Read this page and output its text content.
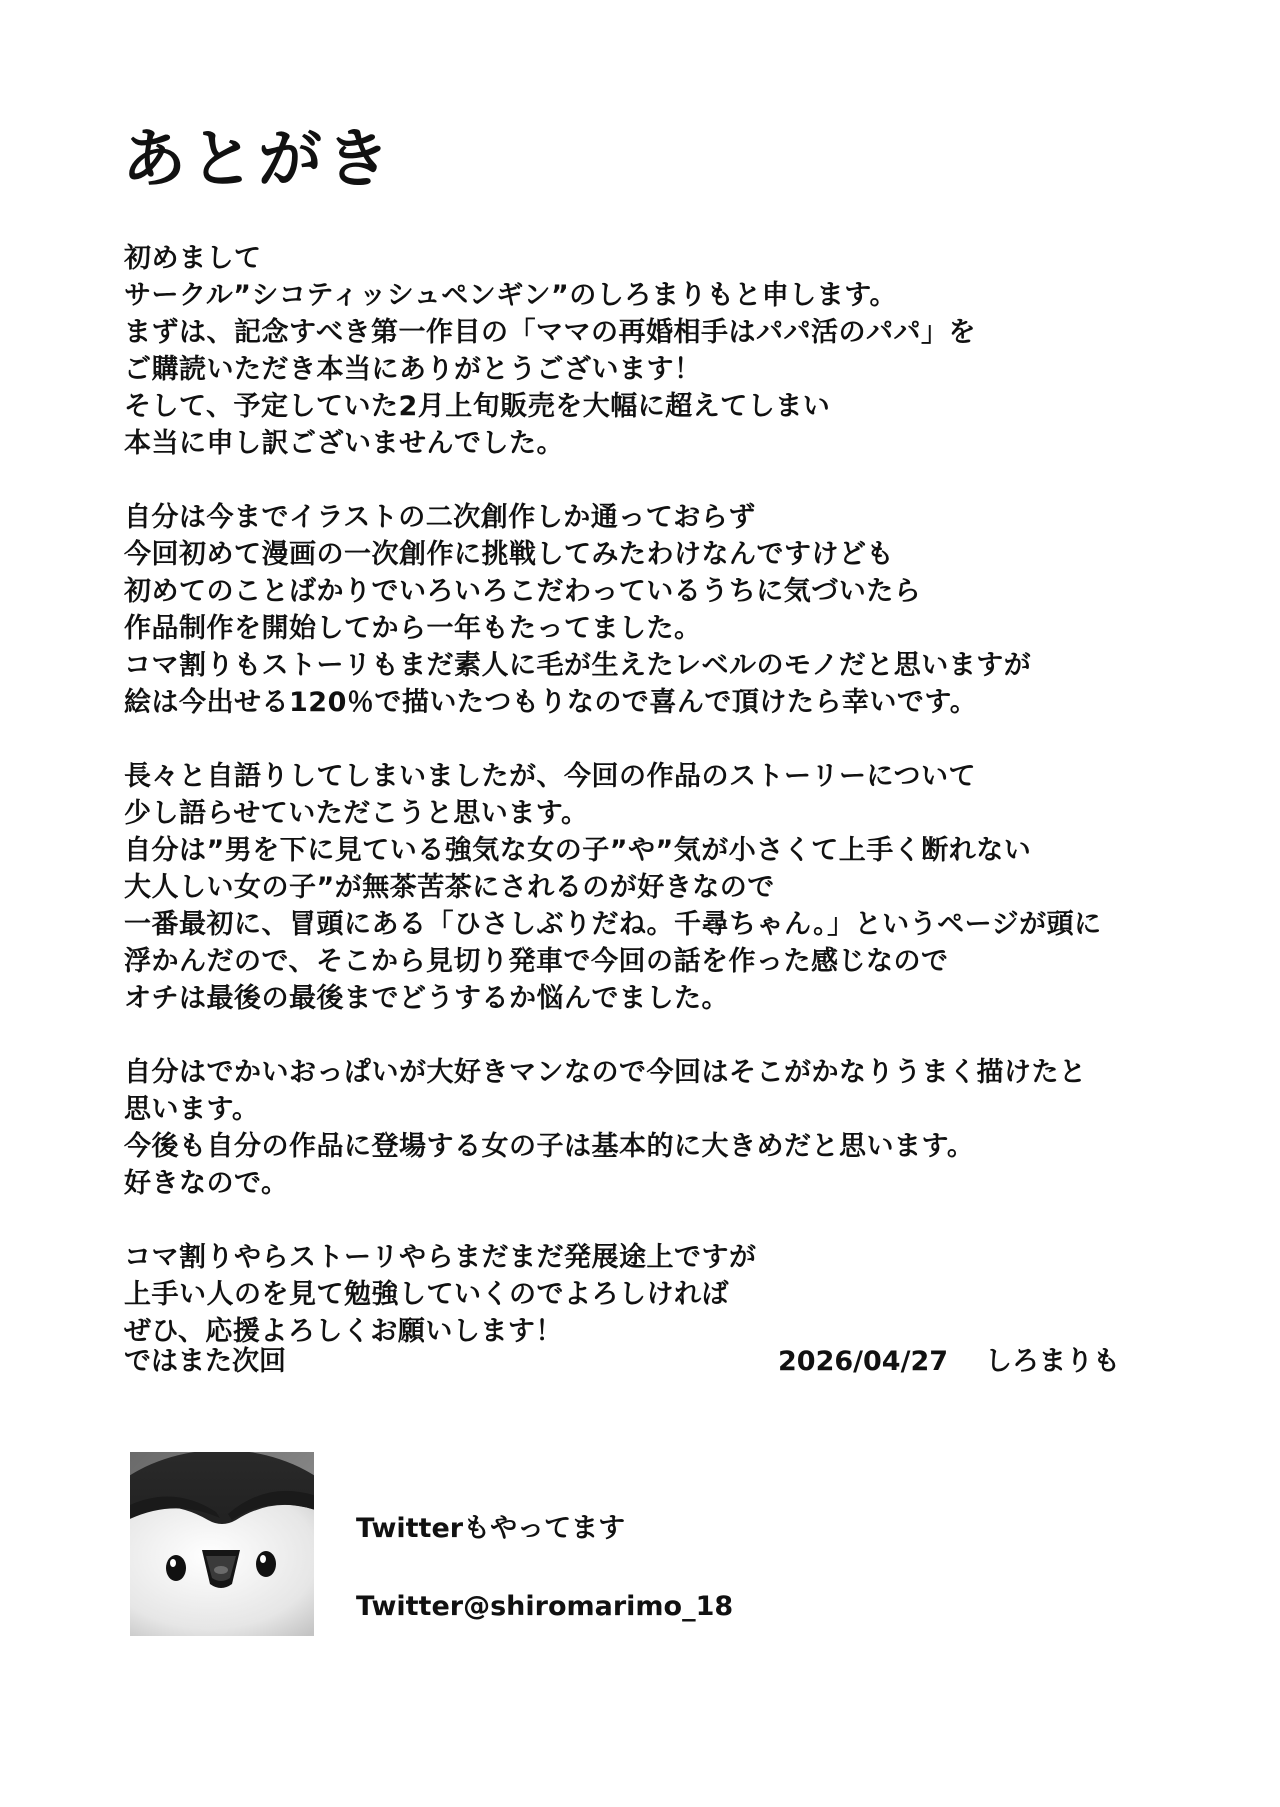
あとがき
初めまして
サークル”シコティッシュペンギン”のしろまりもと申します。
まずは、記念すべき第一作目の「ママの再婚相手はパパ活のパパ」を
ご購読いただき本当にありがとうございます！
そして、予定していた2月上旬販売を大幅に超えてしまい
本当に申し訳ございませんでした。
自分は今までイラストの二次創作しか通っておらず
今回初めて漫画の一次創作に挑戦してみたわけなんですけども
初めてのことばかりでいろいろこだわっているうちに気づいたら
作品制作を開始してから一年もたってました。
コマ割りもストーリもまだ素人に毛が生えたレベルのモノだと思いますが
絵は今出せる120％で描いたつもりなので喜んで頂けたら幸いです。
長々と自語りしてしまいましたが、今回の作品のストーリーについて
少し語らせていただこうと思います。
自分は”男を下に見ている強気な女の子”や”気が小さくて上手く断れない
大人しい女の子”が無茶苦茶にされるのが好きなので
一番最初に、冒頭にある「ひさしぶりだね。千尋ちゃん。」というページが頭に
浮かんだので、そこから見切り発車で今回の話を作った感じなので
オチは最後の最後までどうするか悩んでました。
自分はでかいおっぱいが大好きマンなので今回はそこがかなりうまく描けたと
思います。
今後も自分の作品に登場する女の子は基本的に大きめだと思います。
好きなので。
コマ割りやらストーリやらまだまだ発展途上ですが
上手い人のを見て勉強していくのでよろしければ
ぜひ、応援よろしくお願いします！
ではまた次回	2026/04/27 しろまりも
Twitterもやってます
Twitter@shiromarimo_18
